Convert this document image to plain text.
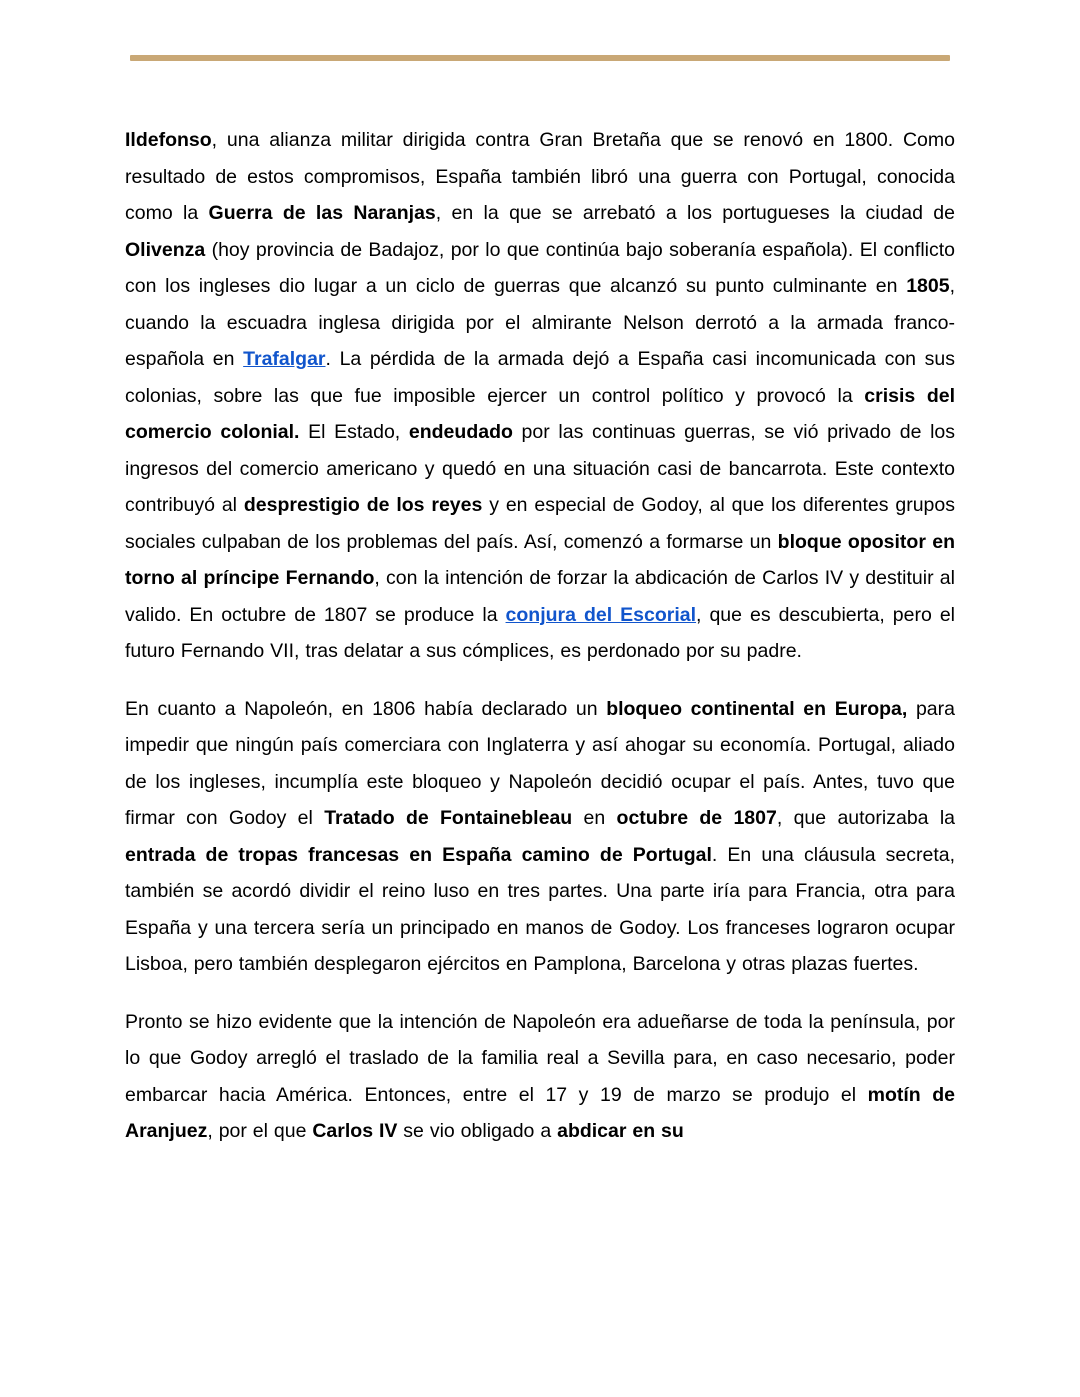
Ildefonso, una alianza militar dirigida contra Gran Bretaña que se renovó en 1800. Como resultado de estos compromisos, España también libró una guerra con Portugal, conocida como la Guerra de las Naranjas, en la que se arrebató a los portugueses la ciudad de Olivenza (hoy provincia de Badajoz, por lo que continúa bajo soberanía española). El conflicto con los ingleses dio lugar a un ciclo de guerras que alcanzó su punto culminante en 1805, cuando la escuadra inglesa dirigida por el almirante Nelson derrotó a la armada franco-española en Trafalgar. La pérdida de la armada dejó a España casi incomunicada con sus colonias, sobre las que fue imposible ejercer un control político y provocó la crisis del comercio colonial. El Estado, endeudado por las continuas guerras, se vió privado de los ingresos del comercio americano y quedó en una situación casi de bancarrota. Este contexto contribuyó al desprestigio de los reyes y en especial de Godoy, al que los diferentes grupos sociales culpaban de los problemas del país. Así, comenzó a formarse un bloque opositor en torno al príncipe Fernando, con la intención de forzar la abdicación de Carlos IV y destituir al valido. En octubre de 1807 se produce la conjura del Escorial, que es descubierta, pero el futuro Fernando VII, tras delatar a sus cómplices, es perdonado por su padre.

En cuanto a Napoleón, en 1806 había declarado un bloqueo continental en Europa, para impedir que ningún país comerciara con Inglaterra y así ahogar su economía. Portugal, aliado de los ingleses, incumplía este bloqueo y Napoleón decidió ocupar el país. Antes, tuvo que firmar con Godoy el Tratado de Fontainebleau en octubre de 1807, que autorizaba la entrada de tropas francesas en España camino de Portugal. En una cláusula secreta, también se acordó dividir el reino luso en tres partes. Una parte iría para Francia, otra para España y una tercera sería un principado en manos de Godoy. Los franceses lograron ocupar Lisboa, pero también desplegaron ejércitos en Pamplona, Barcelona y otras plazas fuertes.

Pronto se hizo evidente que la intención de Napoleón era adueñarse de toda la península, por lo que Godoy arregló el traslado de la familia real a Sevilla para, en caso necesario, poder embarcar hacia América. Entonces, entre el 17 y 19 de marzo se produjo el motín de Aranjuez, por el que Carlos IV se vio obligado a abdicar en su
